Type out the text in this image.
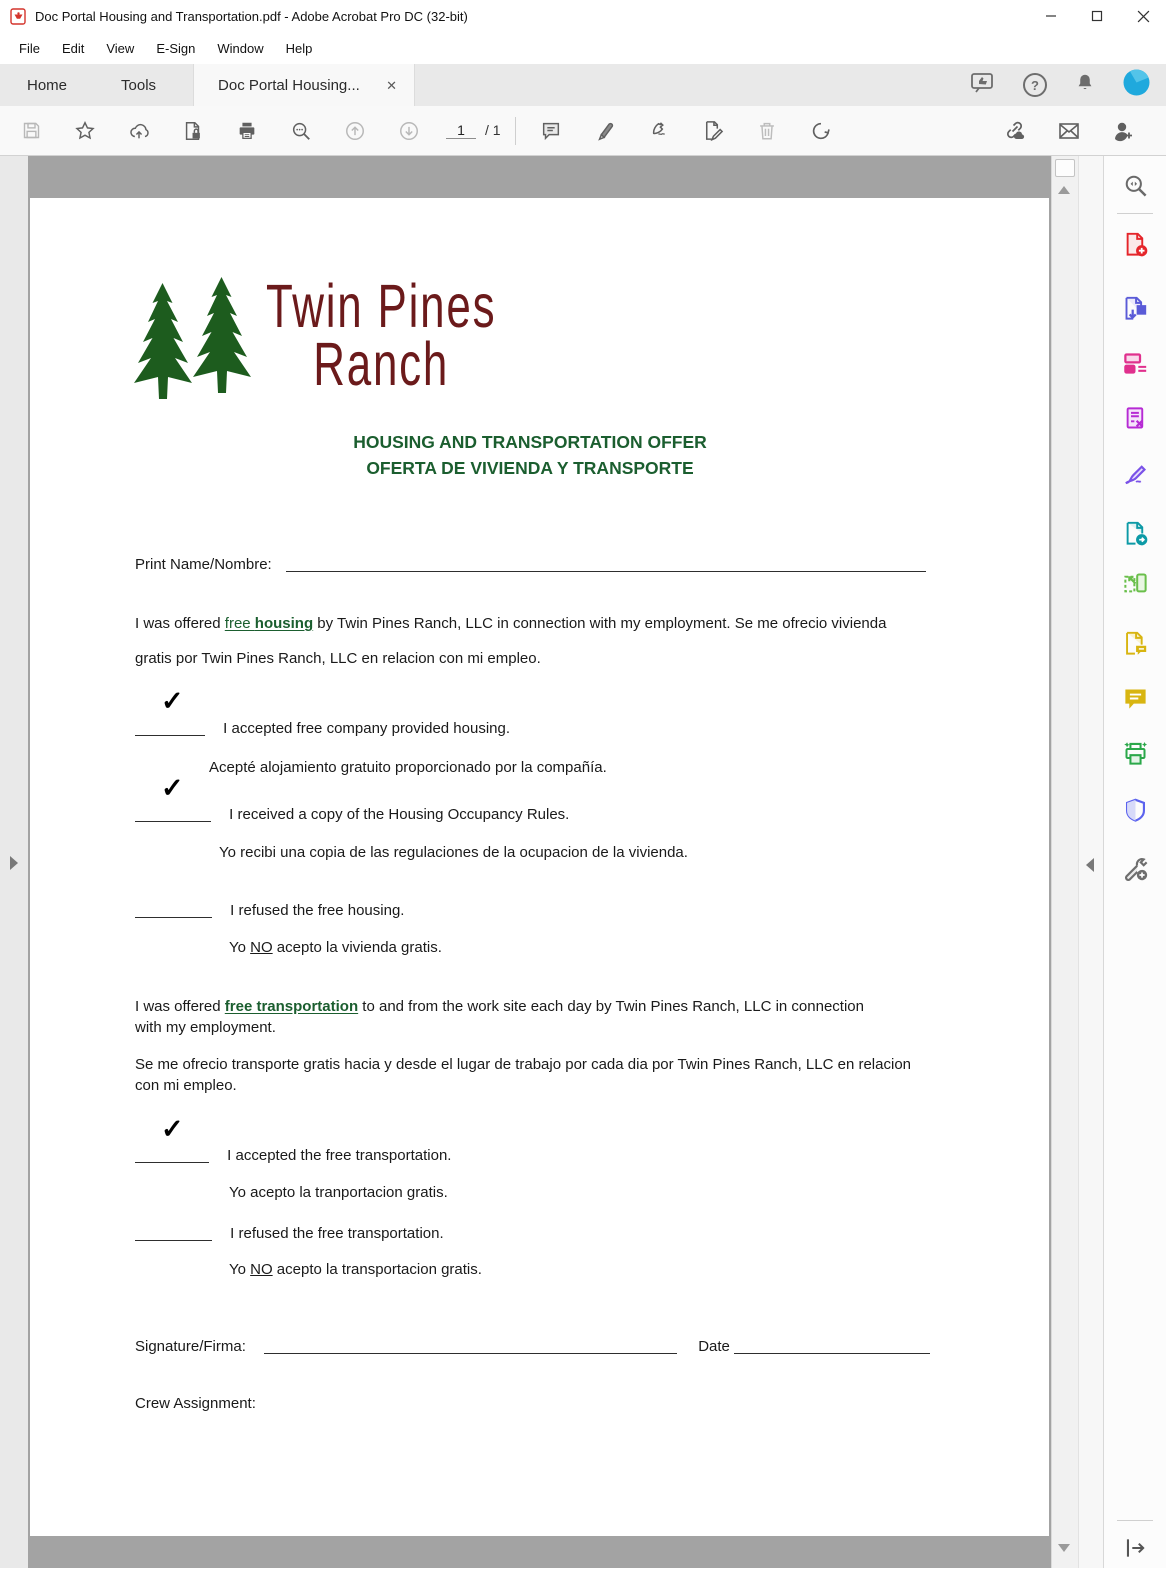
Doc Portal Housing and Transportation.pdf - Adobe Acrobat Pro DC (32-bit)
File	Edit	View	E-Sign	Window	Help
Home	Tools	Doc Portal Housing...
✕
?
1	/ 1
Twin Pines
Ranch
HOUSING AND TRANSPORTATION OFFER
OFERTA DE VIVIENDA Y TRANSPORTE
Print Name/Nombre:
I was offered free housing by Twin Pines Ranch, LLC in connection with my employment. Se me ofrecio vivienda gratis por Twin Pines Ranch, LLC en relacion con mi empleo.
✓
I accepted free company provided housing.
Acepté alojamiento gratuito proporcionado por la compañía.
✓
I received a copy of the Housing Occupancy Rules.
Yo recibi una copia de las regulaciones de la ocupacion de la vivienda.
I refused the free housing.
Yo NO acepto la vivienda gratis.
I was offered free transportation to and from the work site each day by Twin Pines Ranch, LLC in connection with my employment.
Se me ofrecio transporte gratis hacia y desde el lugar de trabajo por cada dia por Twin Pines Ranch, LLC en relacion con mi empleo.
✓
I accepted the free transportation.
Yo acepto la tranportacion gratis.
I refused the free transportation.
Yo NO acepto la transportacion gratis.
Signature/Firma:	Date
Crew Assignment:
